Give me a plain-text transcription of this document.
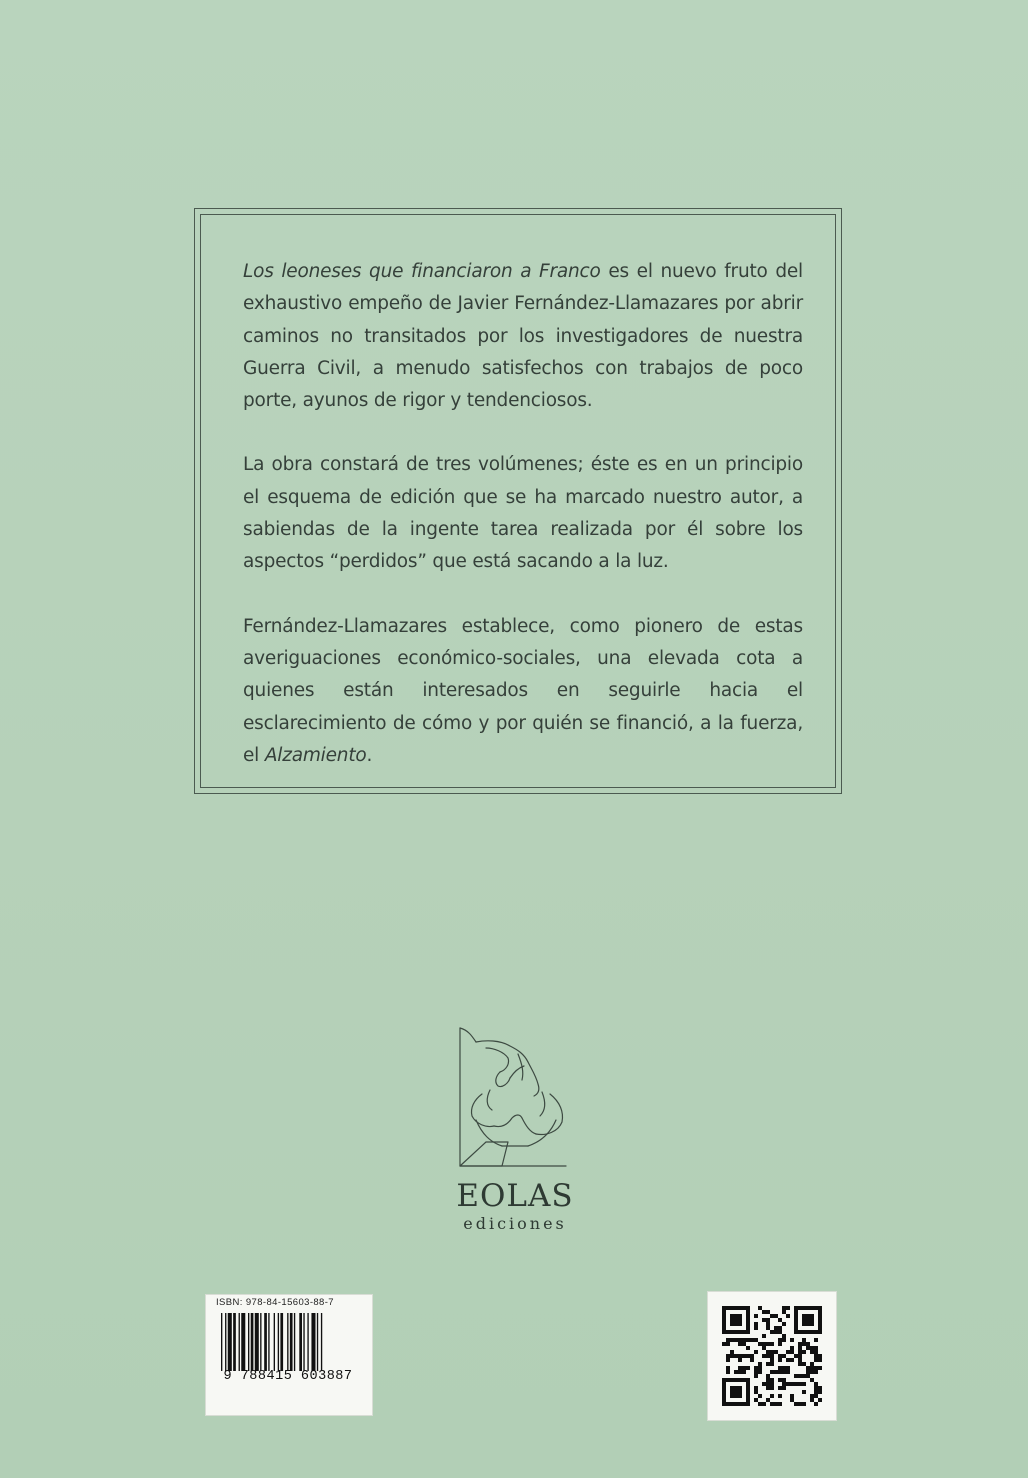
Los leoneses que financiaron a Franco es el nuevo fruto del exhaustivo empeño de Javier Fernández-Llamazares por abrir caminos no transitados por los investigadores de nuestra Guerra Civil, a menudo satisfechos con trabajos de poco porte, ayunos de rigor y tendenciosos.

La obra constará de tres volúmenes; éste es en un principio el esquema de edición que se ha marcado nuestro autor, a sabiendas de la ingente tarea realizada por él sobre los aspectos “perdidos” que está sacando a la luz.

Fernández-Llamazares establece, como pionero de estas averiguaciones económico-sociales, una elevada cota a quienes están interesados en seguirle hacia el esclarecimiento de cómo y por quién se financió, a la fuerza, el Alzamiento.

EOLAS
ediciones
ISBN: 978-84-15603-88-7
9 788415 603887
